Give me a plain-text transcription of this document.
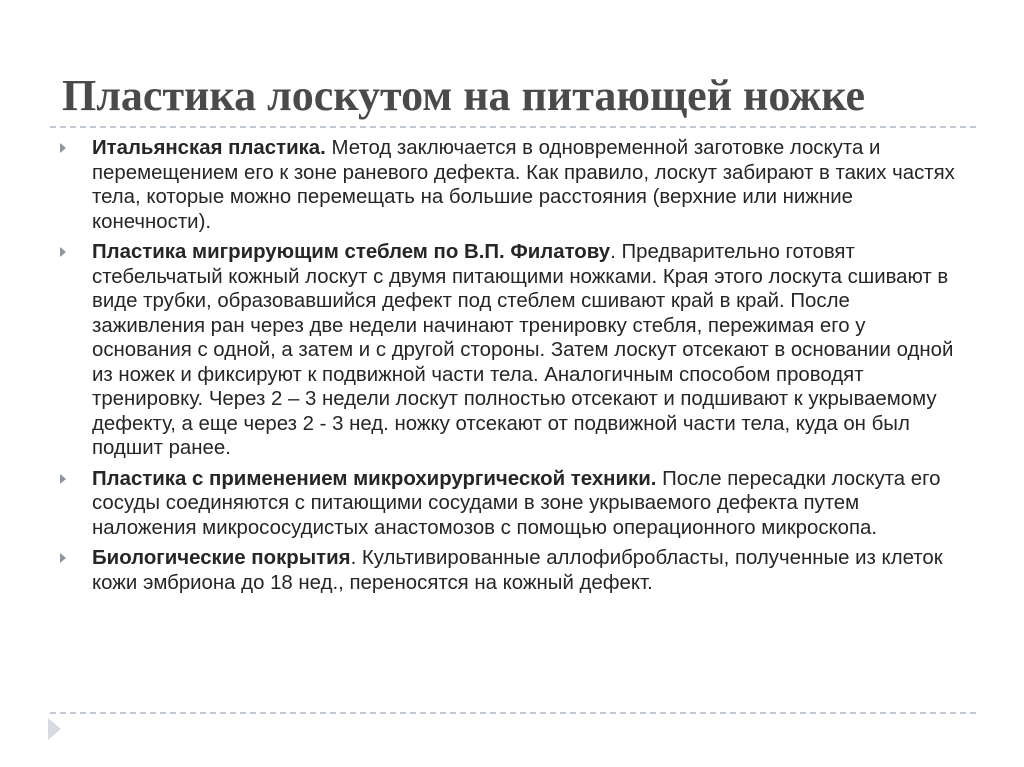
Пластика лоскутом на питающей ножке
Итальянская пластика. Метод заключается в одновременной заготовке лоскута и перемещением его к зоне раневого дефекта. Как правило, лоскут забирают в таких частях тела, которые можно перемещать на большие расстояния (верхние или нижние конечности).
Пластика мигрирующим стеблем по В.П. Филатову. Предварительно готовят стебельчатый кожный лоскут с двумя питающими ножками. Края этого лоскута сшивают в виде трубки, образовавшийся дефект под стеблем сшивают край в край. После заживления ран через две недели начинают тренировку стебля, пережимая его у основания с одной, а затем и с другой стороны. Затем лоскут отсекают в основании одной из ножек и фиксируют к подвижной части тела. Аналогичным способом проводят тренировку. Через 2 – 3 недели лоскут полностью отсекают и подшивают к укрываемому дефекту, а еще через 2 - 3 нед. ножку отсекают от подвижной части тела, куда он был подшит ранее.
Пластика с применением микрохирургической техники. После пересадки лоскута его сосуды соединяются с питающими сосудами в зоне укрываемого дефекта путем наложения микрососудистых анастомозов с помощью операционного микроскопа.
Биологические покрытия. Культивированные аллофибробласты, полученные из клеток кожи эмбриона до 18 нед., переносятся на кожный дефект.
